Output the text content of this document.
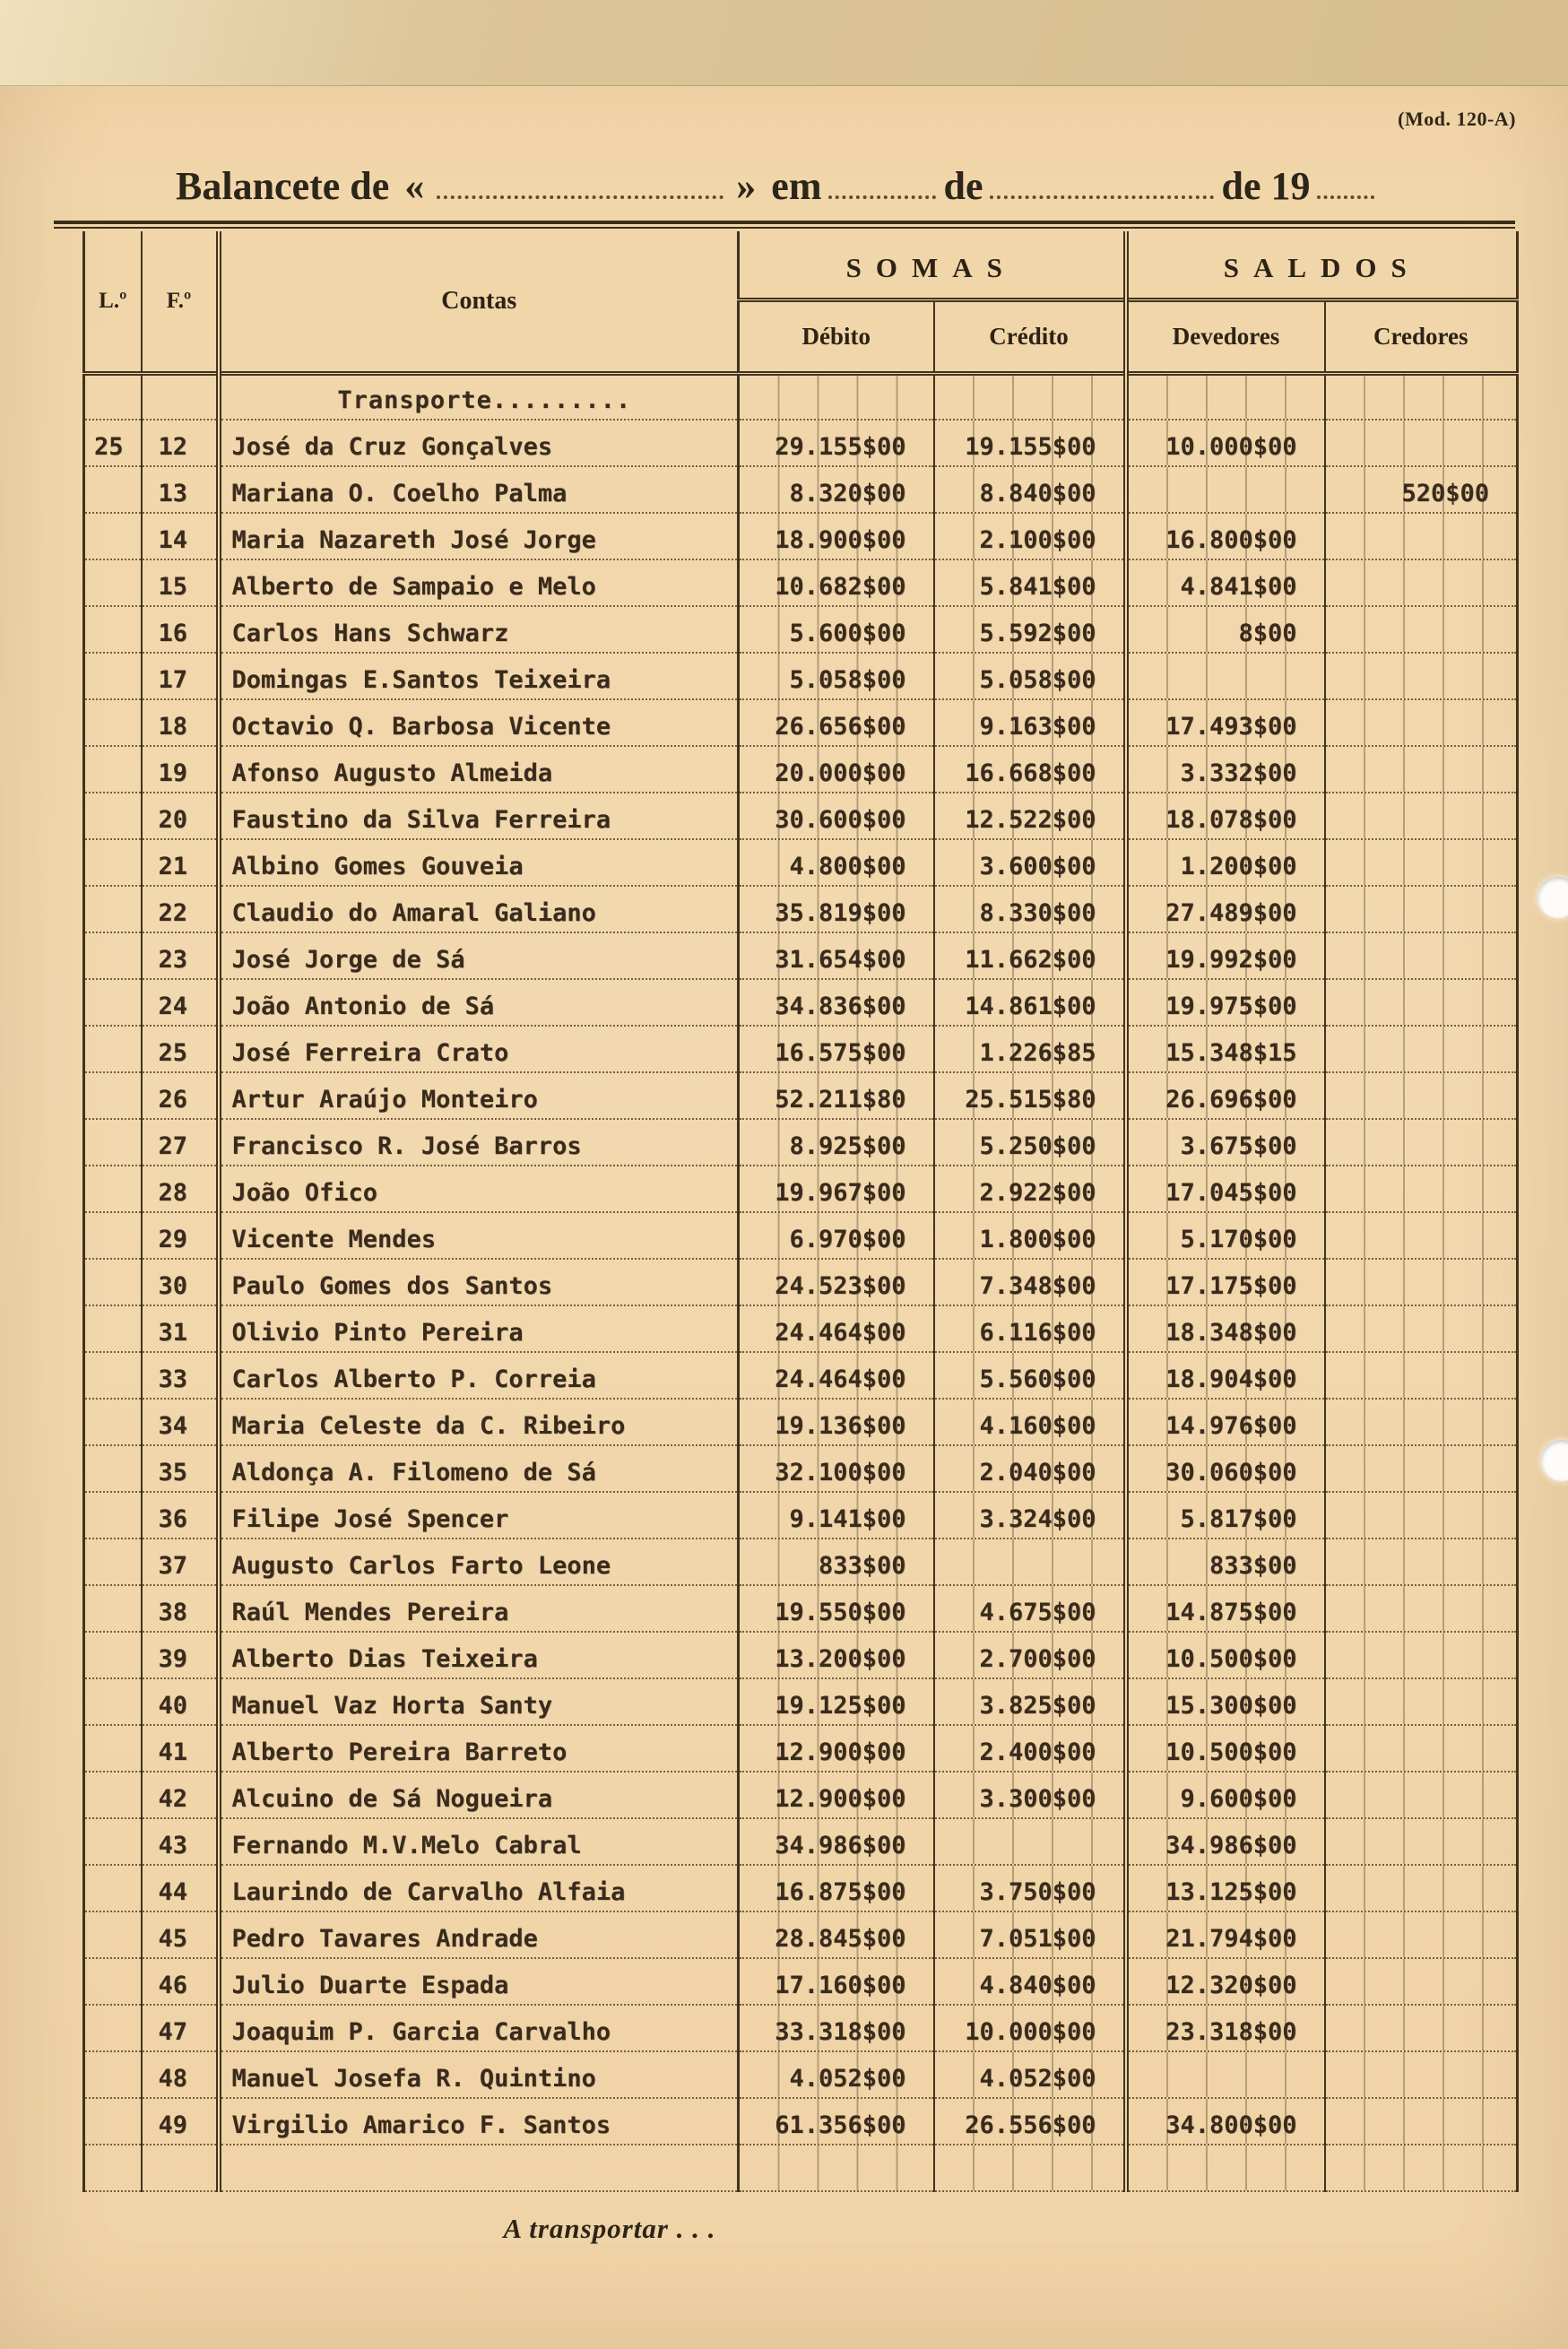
(Mod. 120-A)
Balancete de «	» em	de	de 19
L.º	F.º	Contas	SOMAS		SALDOS	
			Débito	Crédito	Devedores	Credores
		Transporte.........				
25	12	José da Cruz Gonçalves	29.155$00	19.155$00	10.000$00	
	13	Mariana O. Coelho Palma	8.320$00	8.840$00		520$00
	14	Maria Nazareth José Jorge	18.900$00	2.100$00	16.800$00	
	15	Alberto de Sampaio e Melo	10.682$00	5.841$00	4.841$00	
	16	Carlos Hans Schwarz	5.600$00	5.592$00	8$00	
	17	Domingas E.Santos Teixeira	5.058$00	5.058$00		
	18	Octavio Q. Barbosa Vicente	26.656$00	9.163$00	17.493$00	
	19	Afonso Augusto Almeida	20.000$00	16.668$00	3.332$00	
	20	Faustino da Silva Ferreira	30.600$00	12.522$00	18.078$00	
	21	Albino Gomes Gouveia	4.800$00	3.600$00	1.200$00	
	22	Claudio do Amaral Galiano	35.819$00	8.330$00	27.489$00	
	23	José Jorge de Sá	31.654$00	11.662$00	19.992$00	
	24	João Antonio de Sá	34.836$00	14.861$00	19.975$00	
	25	José Ferreira Crato	16.575$00	1.226$85	15.348$15	
	26	Artur Araújo Monteiro	52.211$80	25.515$80	26.696$00	
	27	Francisco R. José Barros	8.925$00	5.250$00	3.675$00	
	28	João Ofico	19.967$00	2.922$00	17.045$00	
	29	Vicente Mendes	6.970$00	1.800$00	5.170$00	
	30	Paulo Gomes dos Santos	24.523$00	7.348$00	17.175$00	
	31	Olivio Pinto Pereira	24.464$00	6.116$00	18.348$00	
	33	Carlos Alberto P. Correia	24.464$00	5.560$00	18.904$00	
	34	Maria Celeste da C. Ribeiro	19.136$00	4.160$00	14.976$00	
	35	Aldonça A. Filomeno de Sá	32.100$00	2.040$00	30.060$00	
	36	Filipe José Spencer	9.141$00	3.324$00	5.817$00	
	37	Augusto Carlos Farto Leone	833$00		833$00	
	38	Raúl Mendes Pereira	19.550$00	4.675$00	14.875$00	
	39	Alberto Dias Teixeira	13.200$00	2.700$00	10.500$00	
	40	Manuel Vaz Horta Santy	19.125$00	3.825$00	15.300$00	
	41	Alberto Pereira Barreto	12.900$00	2.400$00	10.500$00	
	42	Alcuino de Sá Nogueira	12.900$00	3.300$00	9.600$00	
	43	Fernando M.V.Melo Cabral	34.986$00		34.986$00	
	44	Laurindo de Carvalho Alfaia	16.875$00	3.750$00	13.125$00	
	45	Pedro Tavares Andrade	28.845$00	7.051$00	21.794$00	
	46	Julio Duarte Espada	17.160$00	4.840$00	12.320$00	
	47	Joaquim P. Garcia Carvalho	33.318$00	10.000$00	23.318$00	
	48	Manuel Josefa R. Quintino	4.052$00	4.052$00		
	49	Virgilio Amarico F. Santos	61.356$00	26.556$00	34.800$00	

A transportar . . .
